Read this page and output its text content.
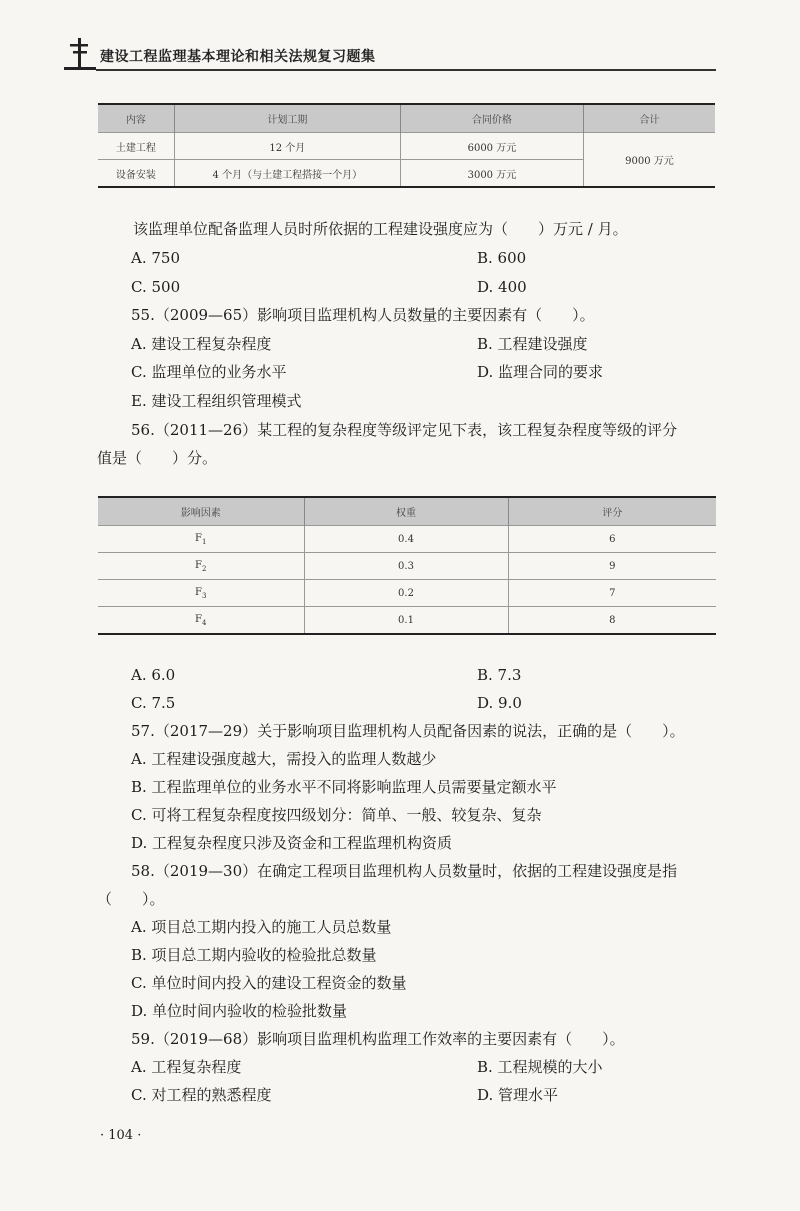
建设工程监理基本理论和相关法规复习题集
内容	计划工期	合同价格	合计
土建工程	12 个月	6000 万元	9000 万元
设备安装	4 个月（与土建工程搭接一个月）	3000 万元	
该监理单位配备监理人员时所依据的工程建设强度应为（　　）万元 / 月。
A. 750	B. 600
C. 500	D. 400
55.（2009—65）影响项目监理机构人员数量的主要因素有（　　）。
A. 建设工程复杂程度	B. 工程建设强度
C. 监理单位的业务水平	D. 监理合同的要求
E. 建设工程组织管理模式
56.（2011—26）某工程的复杂程度等级评定见下表，该工程复杂程度等级的评分
值是（　　）分。
影响因素	权重	评分
$F_1$	0.4	6
$F_2$	0.3	9
$F_3$	0.2	7
$F_4$	0.1	8
A. 6.0	B. 7.3
C. 7.5	D. 9.0
57.（2017—29）关于影响项目监理机构人员配备因素的说法，正确的是（　　）。
A. 工程建设强度越大，需投入的监理人数越少
B. 工程监理单位的业务水平不同将影响监理人员需要量定额水平
C. 可将工程复杂程度按四级划分：简单、一般、较复杂、复杂
D. 工程复杂程度只涉及资金和工程监理机构资质
58.（2019—30）在确定工程项目监理机构人员数量时，依据的工程建设强度是指
（　　）。
A. 项目总工期内投入的施工人员总数量
B. 项目总工期内验收的检验批总数量
C. 单位时间内投入的建设工程资金的数量
D. 单位时间内验收的检验批数量
59.（2019—68）影响项目监理机构监理工作效率的主要因素有（　　）。
A. 工程复杂程度	B. 工程规模的大小
C. 对工程的熟悉程度	D. 管理水平
· 104 ·
